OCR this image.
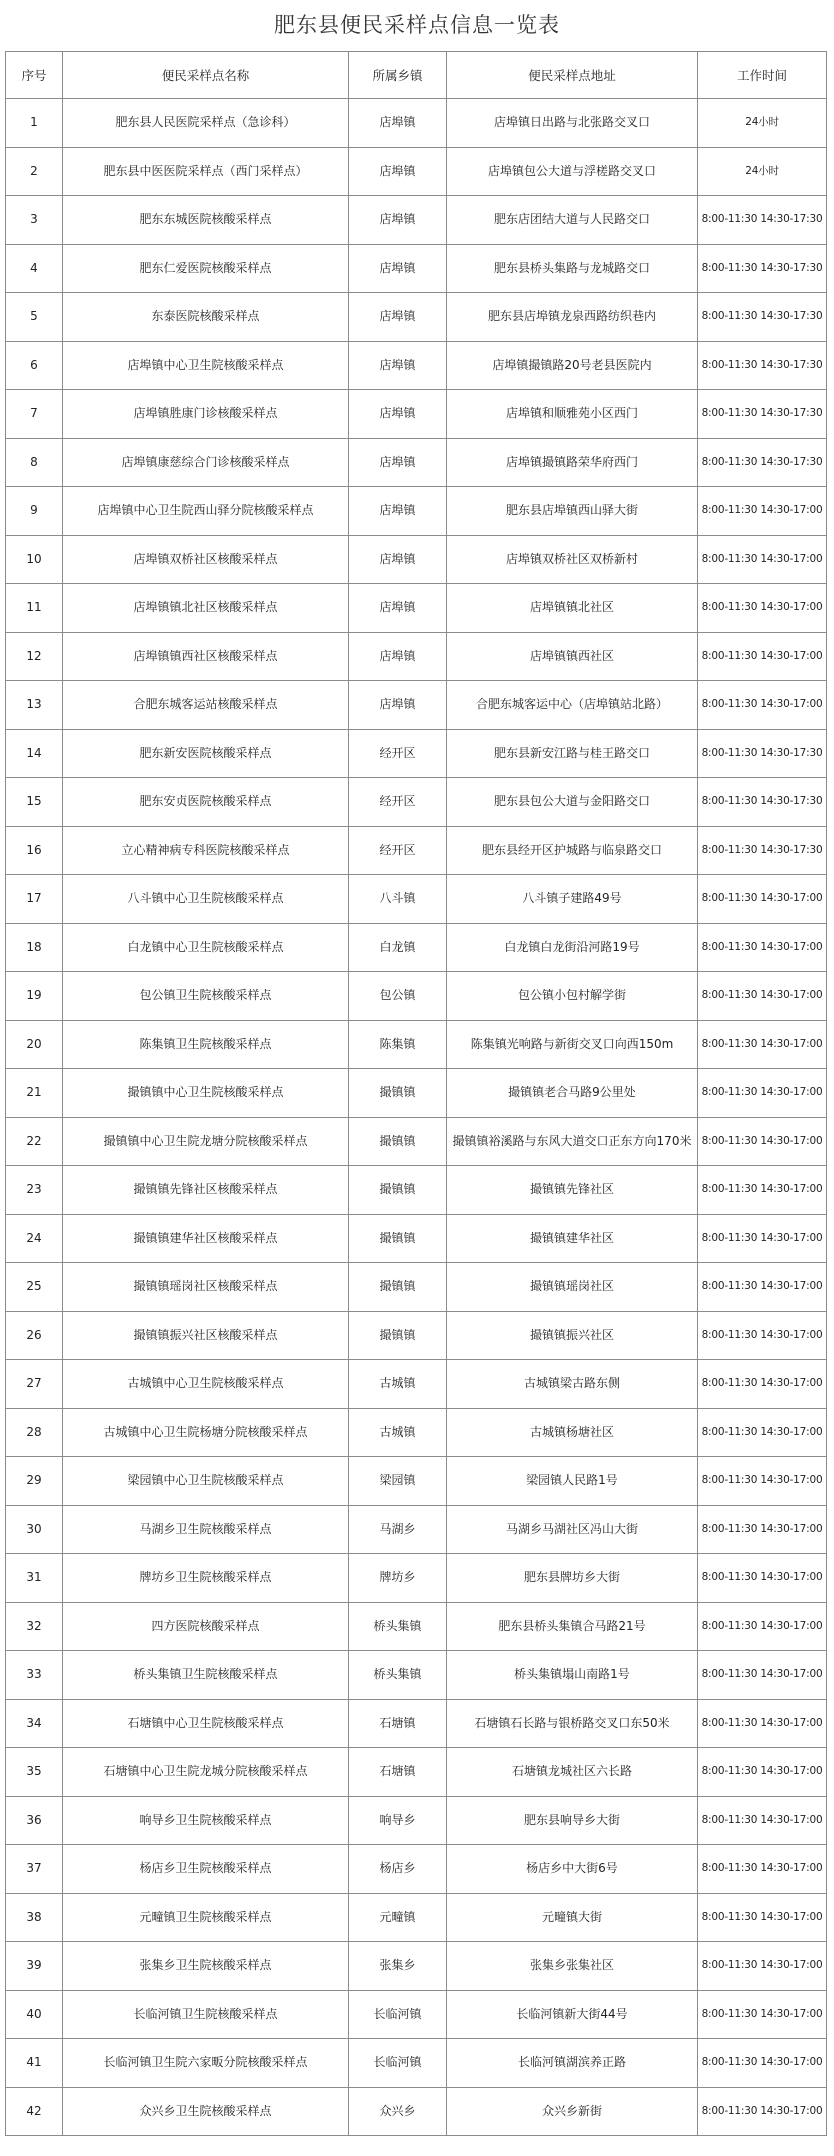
肥东县便民采样点信息一览表
序号	便民采样点名称	所属乡镇	便民采样点地址	工作时间
1	肥东县人民医院采样点（急诊科）	店埠镇	店埠镇日出路与北张路交叉口	24小时
2	肥东县中医医院采样点（西门采样点）	店埠镇	店埠镇包公大道与浮槎路交叉口	24小时
3	肥东东城医院核酸采样点	店埠镇	肥东店团结大道与人民路交口	8:00-11:30 14:30-17:30
4	肥东仁爱医院核酸采样点	店埠镇	肥东县桥头集路与龙城路交口	8:00-11:30 14:30-17:30
5	东泰医院核酸采样点	店埠镇	肥东县店埠镇龙泉西路纺织巷内	8:00-11:30 14:30-17:30
6	店埠镇中心卫生院核酸采样点	店埠镇	店埠镇撮镇路20号老县医院内	8:00-11:30 14:30-17:30
7	店埠镇胜康门诊核酸采样点	店埠镇	店埠镇和顺雅苑小区西门	8:00-11:30 14:30-17:30
8	店埠镇康慈综合门诊核酸采样点	店埠镇	店埠镇撮镇路荣华府西门	8:00-11:30 14:30-17:30
9	店埠镇中心卫生院西山驿分院核酸采样点	店埠镇	肥东县店埠镇西山驿大街	8:00-11:30 14:30-17:00
10	店埠镇双桥社区核酸采样点	店埠镇	店埠镇双桥社区双桥新村	8:00-11:30 14:30-17:00
11	店埠镇镇北社区核酸采样点	店埠镇	店埠镇镇北社区	8:00-11:30 14:30-17:00
12	店埠镇镇西社区核酸采样点	店埠镇	店埠镇镇西社区	8:00-11:30 14:30-17:00
13	合肥东城客运站核酸采样点	店埠镇	合肥东城客运中心（店埠镇站北路）	8:00-11:30 14:30-17:00
14	肥东新安医院核酸采样点	经开区	肥东县新安江路与桂王路交口	8:00-11:30 14:30-17:30
15	肥东安贞医院核酸采样点	经开区	肥东县包公大道与金阳路交口	8:00-11:30 14:30-17:30
16	立心精神病专科医院核酸采样点	经开区	肥东县经开区护城路与临泉路交口	8:00-11:30 14:30-17:30
17	八斗镇中心卫生院核酸采样点	八斗镇	八斗镇子建路49号	8:00-11:30 14:30-17:00
18	白龙镇中心卫生院核酸采样点	白龙镇	白龙镇白龙街沿河路19号	8:00-11:30 14:30-17:00
19	包公镇卫生院核酸采样点	包公镇	包公镇小包村解学街	8:00-11:30 14:30-17:00
20	陈集镇卫生院核酸采样点	陈集镇	陈集镇光响路与新街交叉口向西150m	8:00-11:30 14:30-17:00
21	撮镇镇中心卫生院核酸采样点	撮镇镇	撮镇镇老合马路9公里处	8:00-11:30 14:30-17:00
22	撮镇镇中心卫生院龙塘分院核酸采样点	撮镇镇	撮镇镇裕溪路与东风大道交口正东方向170米	8:00-11:30 14:30-17:00
23	撮镇镇先锋社区核酸采样点	撮镇镇	撮镇镇先锋社区	8:00-11:30 14:30-17:00
24	撮镇镇建华社区核酸采样点	撮镇镇	撮镇镇建华社区	8:00-11:30 14:30-17:00
25	撮镇镇瑶岗社区核酸采样点	撮镇镇	撮镇镇瑶岗社区	8:00-11:30 14:30-17:00
26	撮镇镇振兴社区核酸采样点	撮镇镇	撮镇镇振兴社区	8:00-11:30 14:30-17:00
27	古城镇中心卫生院核酸采样点	古城镇	古城镇梁古路东侧	8:00-11:30 14:30-17:00
28	古城镇中心卫生院杨塘分院核酸采样点	古城镇	古城镇杨塘社区	8:00-11:30 14:30-17:00
29	梁园镇中心卫生院核酸采样点	梁园镇	梁园镇人民路1号	8:00-11:30 14:30-17:00
30	马湖乡卫生院核酸采样点	马湖乡	马湖乡马湖社区冯山大街	8:00-11:30 14:30-17:00
31	牌坊乡卫生院核酸采样点	牌坊乡	肥东县牌坊乡大街	8:00-11:30 14:30-17:00
32	四方医院核酸采样点	桥头集镇	肥东县桥头集镇合马路21号	8:00-11:30 14:30-17:00
33	桥头集镇卫生院核酸采样点	桥头集镇	桥头集镇塌山南路1号	8:00-11:30 14:30-17:00
34	石塘镇中心卫生院核酸采样点	石塘镇	石塘镇石长路与银桥路交叉口东50米	8:00-11:30 14:30-17:00
35	石塘镇中心卫生院龙城分院核酸采样点	石塘镇	石塘镇龙城社区六长路	8:00-11:30 14:30-17:00
36	响导乡卫生院核酸采样点	响导乡	肥东县响导乡大街	8:00-11:30 14:30-17:00
37	杨店乡卫生院核酸采样点	杨店乡	杨店乡中大街6号	8:00-11:30 14:30-17:00
38	元疃镇卫生院核酸采样点	元疃镇	元疃镇大街	8:00-11:30 14:30-17:00
39	张集乡卫生院核酸采样点	张集乡	张集乡张集社区	8:00-11:30 14:30-17:00
40	长临河镇卫生院核酸采样点	长临河镇	长临河镇新大街44号	8:00-11:30 14:30-17:00
41	长临河镇卫生院六家畈分院核酸采样点	长临河镇	长临河镇湖滨养正路	8:00-11:30 14:30-17:00
42	众兴乡卫生院核酸采样点	众兴乡	众兴乡新街	8:00-11:30 14:30-17:00
